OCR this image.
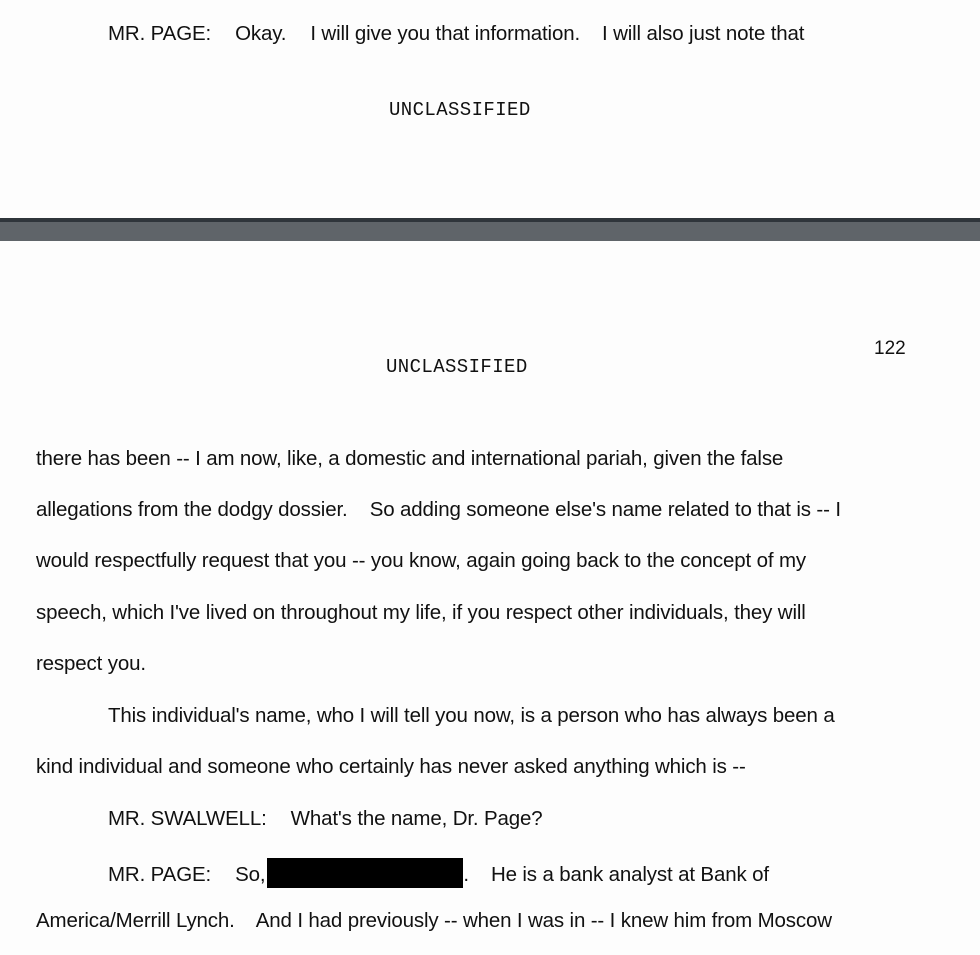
MR. PAGE: Okay. I will give you that information. I will also just note that
UNCLASSIFIED
122
UNCLASSIFIED
there has been -- I am now, like, a domestic and international pariah, given the false
allegations from the dodgy dossier.    So adding someone else's name related to that is -- I
would respectfully request that you -- you know, again going back to the concept of my
speech, which I've lived on throughout my life, if you respect other individuals, they will
respect you.
This individual's name, who I will tell you now, is a person who has always been a
kind individual and someone who certainly has never asked anything which is --
MR. SWALWELL: What's the name, Dr. Page?
MR. PAGE: So,	. He is a bank analyst at Bank of
America/Merrill Lynch.    And I had previously -- when I was in -- I knew him from Moscow
